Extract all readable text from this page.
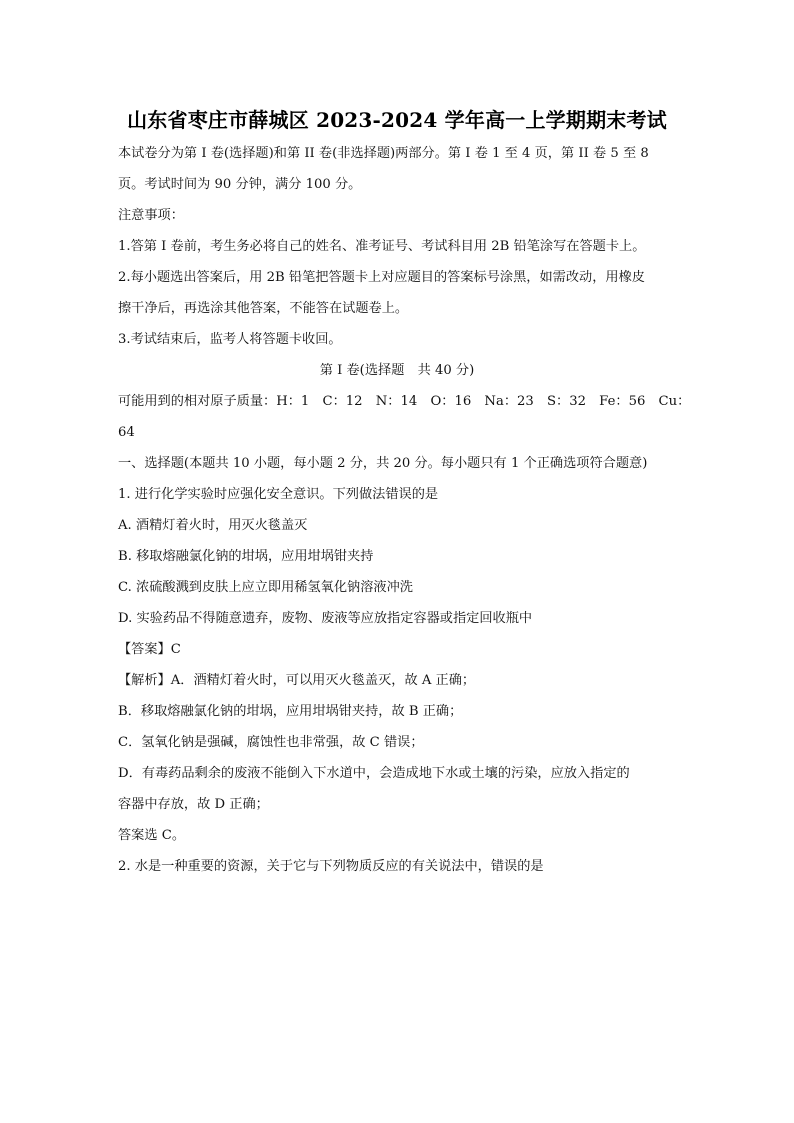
山东省枣庄市薛城区 2023-2024 学年高一上学期期末考试
本试卷分为第 I 卷(选择题)和第 II 卷(非选择题)两部分。第 I 卷 1 至 4 页，第 II 卷 5 至 8
页。考试时间为 90 分钟，满分 100 分。
注意事项：
1.答第 I 卷前，考生务必将自己的姓名、准考证号、考试科目用 2B 铅笔涂写在答题卡上。
2.每小题选出答案后，用 2B 铅笔把答题卡上对应题目的答案标号涂黑，如需改动，用橡皮
擦干净后，再选涂其他答案，不能答在试题卷上。
3.考试结束后，监考人将答题卡收回。
第 I 卷(选择题　共 40 分)
可能用到的相对原子质量：H：1　C：12　N：14　O：16　Na：23　S：32　Fe：56　Cu：
64
一、选择题(本题共 10 小题，每小题 2 分，共 20 分。每小题只有 1 个正确选项符合题意)
1. 进行化学实验时应强化安全意识。下列做法错误的是
A. 酒精灯着火时，用灭火毯盖灭
B. 移取熔融氯化钠的坩埚，应用坩埚钳夹持
C. 浓硫酸溅到皮肤上应立即用稀氢氧化钠溶液冲洗
D. 实验药品不得随意遗弃，废物、废液等应放指定容器或指定回收瓶中
【答案】C
【解析】A．酒精灯着火时，可以用灭火毯盖灭，故 A 正确；
B．移取熔融氯化钠的坩埚，应用坩埚钳夹持，故 B 正确；
C．氢氧化钠是强碱，腐蚀性也非常强，故 C 错误；
D．有毒药品剩余的废液不能倒入下水道中，会造成地下水或土壤的污染，应放入指定的
容器中存放，故 D 正确；
答案选 C。
2. 水是一种重要的资源，关于它与下列物质反应的有关说法中，错误的是
